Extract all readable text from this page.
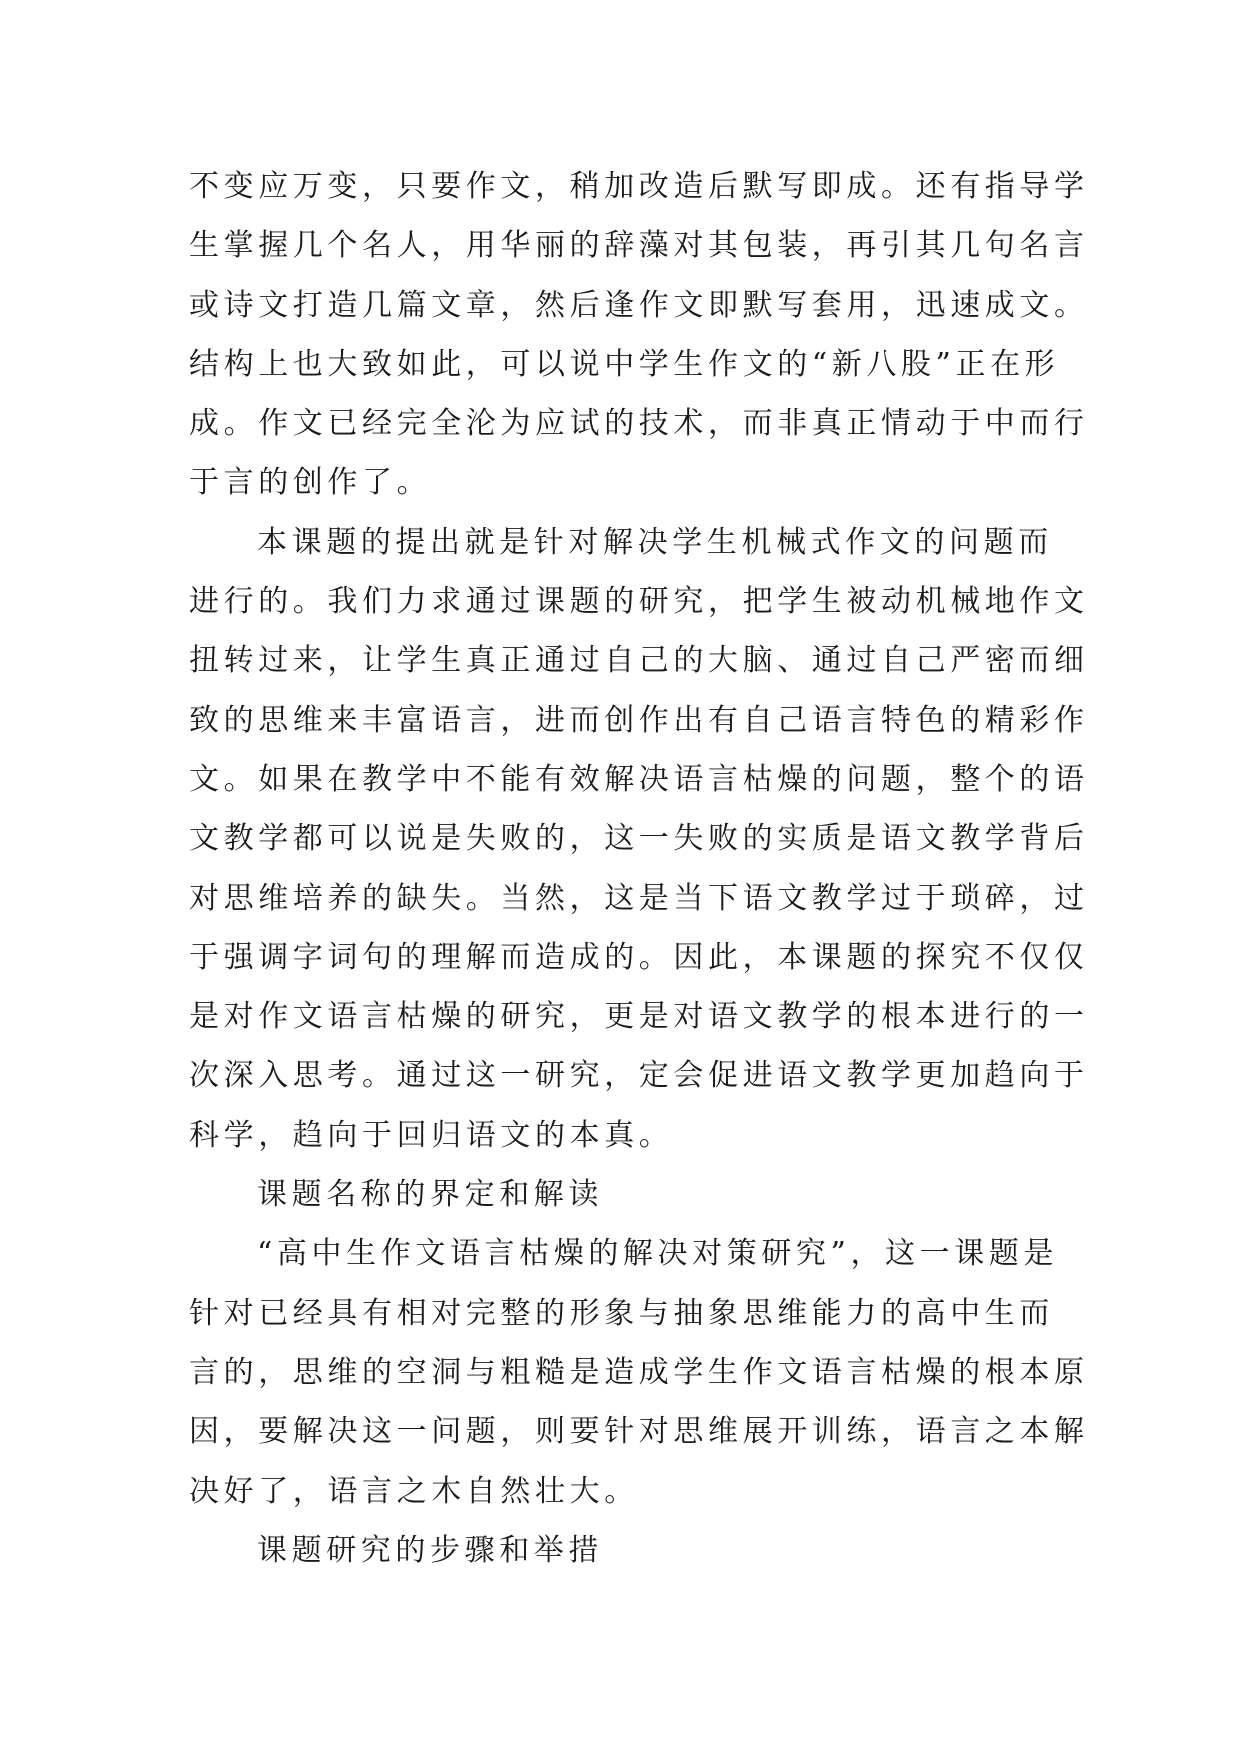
不变应万变，只要作文，稍加改造后默写即成。还有指导学
生掌握几个名人，用华丽的辞藻对其包装，再引其几句名言
或诗文打造几篇文章，然后逢作文即默写套用，迅速成文。
结构上也大致如此，可以说中学生作文的“新八股”正在形
成。作文已经完全沦为应试的技术，而非真正情动于中而行
于言的创作了。
本课题的提出就是针对解决学生机械式作文的问题而
进行的。我们力求通过课题的研究，把学生被动机械地作文
扭转过来，让学生真正通过自己的大脑、通过自己严密而细
致的思维来丰富语言，进而创作出有自己语言特色的精彩作
文。如果在教学中不能有效解决语言枯燥的问题，整个的语
文教学都可以说是失败的，这一失败的实质是语文教学背后
对思维培养的缺失。当然，这是当下语文教学过于琐碎，过
于强调字词句的理解而造成的。因此，本课题的探究不仅仅
是对作文语言枯燥的研究，更是对语文教学的根本进行的一
次深入思考。通过这一研究，定会促进语文教学更加趋向于
科学，趋向于回归语文的本真。
课题名称的界定和解读
“高中生作文语言枯燥的解决对策研究”，这一课题是
针对已经具有相对完整的形象与抽象思维能力的高中生而
言的，思维的空洞与粗糙是造成学生作文语言枯燥的根本原
因，要解决这一问题，则要针对思维展开训练，语言之本解
决好了，语言之木自然壮大。
课题研究的步骤和举措
